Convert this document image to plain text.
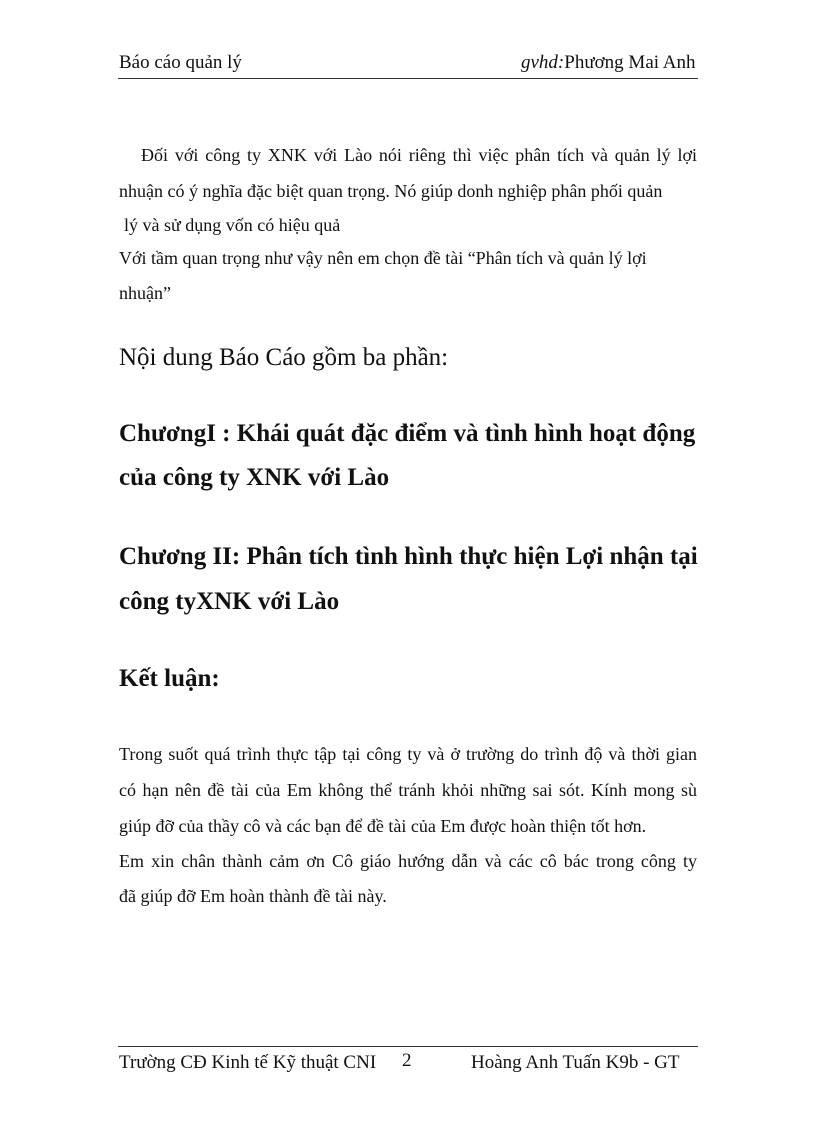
Báo cáo quản lý	gvhd:Phương Mai Anh
Đối với công ty XNK với Lào nói riêng thì việc phân tích và quản lý lợi
nhuận có ý nghĩa đặc biệt quan trọng. Nó giúp donh nghiệp phân phối quản
lý và sử dụng vốn có hiệu quả
Với tầm quan trọng như vậy nên em chọn đề tài “Phân tích và quản lý lợi
nhuận”
Nội dung Báo Cáo gồm ba phần:
ChươngI : Khái quát đặc điểm và tình hình hoạt động
của công ty XNK với Lào
Chương II: Phân tích tình hình thực hiện Lợi nhận tại
công tyXNK với Lào
Kết luận:
Trong suốt quá trình thực tập tại công ty và ở trường do trình độ và thời gian
có hạn nên đề tài của Em không thể tránh khỏi những sai sót. Kính mong sù
giúp đỡ của thầy cô và các bạn để đề tài của Em được hoàn thiện tốt hơn.
Em xin chân thành cảm ơn Cô giáo hướng dẫn và các cô bác trong công ty
đã giúp đỡ Em hoàn thành đề tài này.
Trường CĐ Kinh tế Kỹ thuật CNI 2	Hoàng Anh Tuấn K9b - GT
